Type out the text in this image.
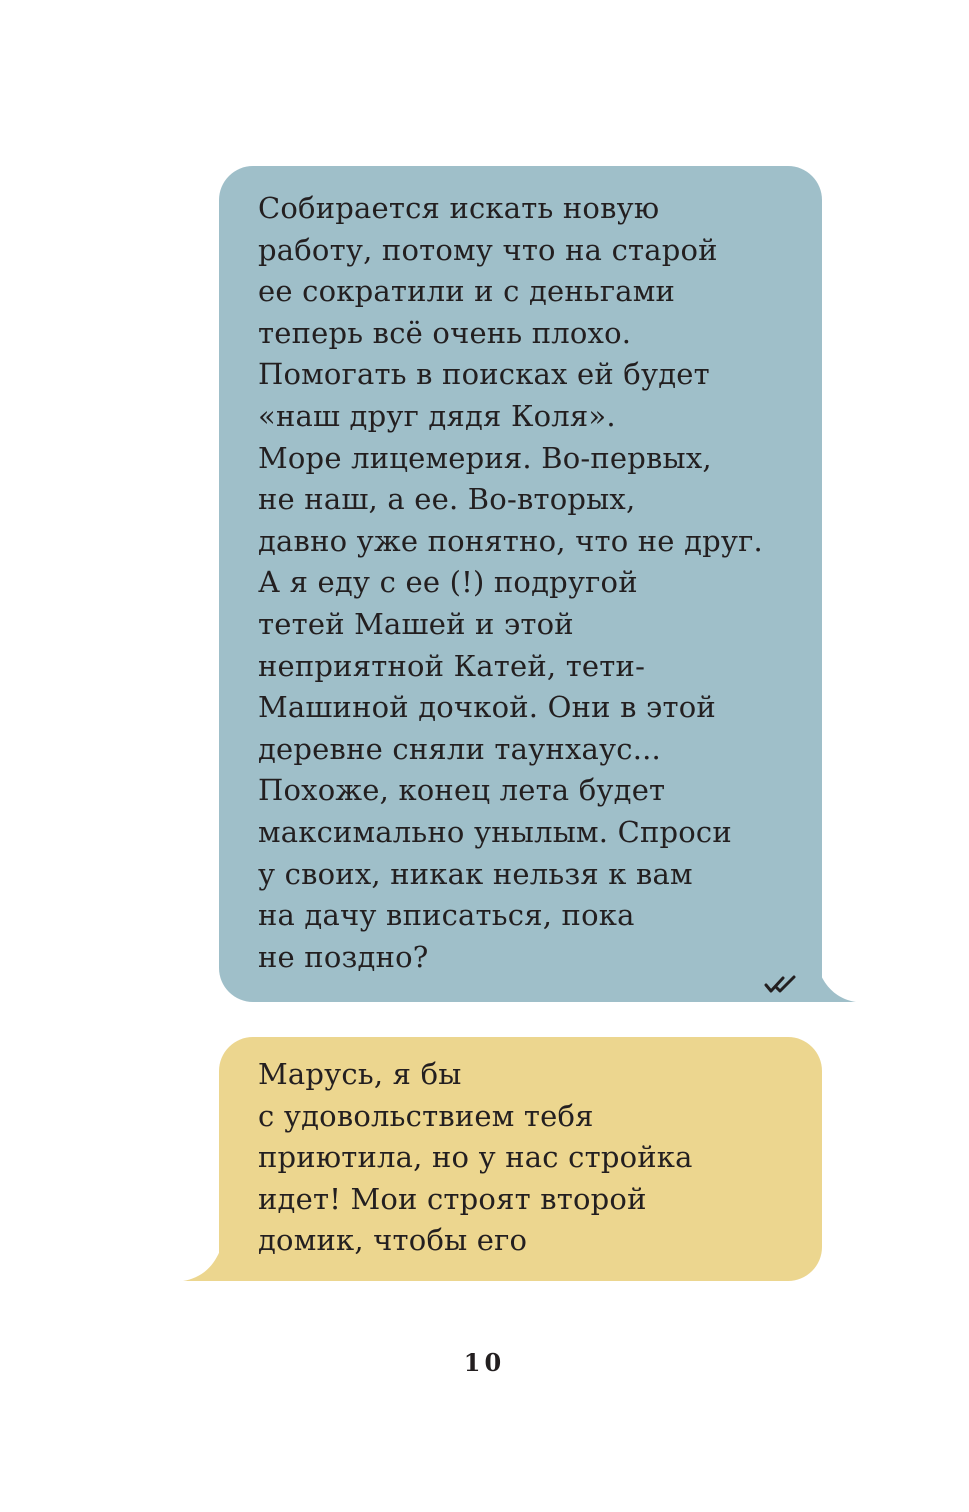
Собирается искать новую
работу, потому что на старой
ее сократили и с деньгами
теперь всё очень плохо.
Помогать в поисках ей будет
«наш друг дядя Коля».
Море лицемерия. Во-первых,
не наш, а ее. Во-вторых,
давно уже понятно, что не друг.
А я еду с ее (!) подругой
тетей Машей и этой
неприятной Катей, тети-
Машиной дочкой. Они в этой
деревне сняли таунхаус...
Похоже, конец лета будет
максимально унылым. Спроси
у своих, никак нельзя к вам
на дачу вписаться, пока
не поздно?

Марусь, я бы
с удовольствием тебя
приютила, но у нас стройка
идет! Мои строят второй
домик, чтобы его

10
